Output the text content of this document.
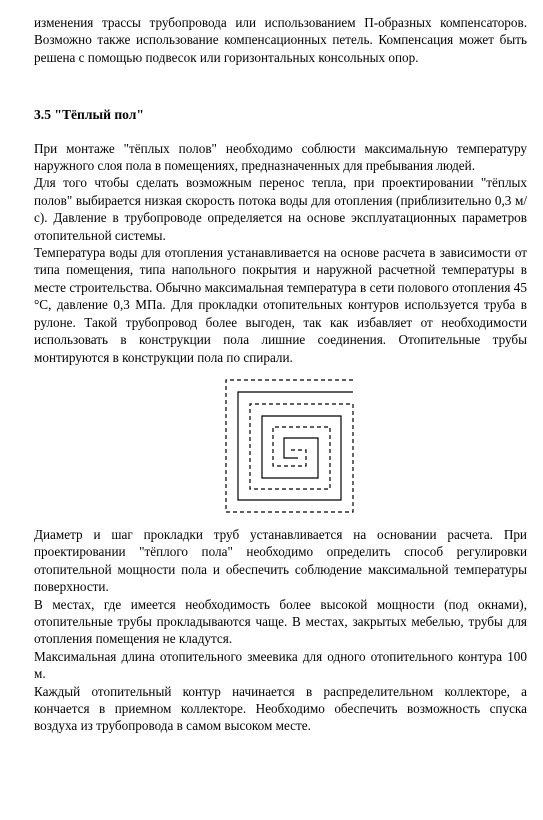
изменения трассы трубопровода или использованием П-образных компенсаторов. Возможно также использование компенсационных петель. Компенсация может быть решена с помощью подвесок или горизонтальных консольных опор.

3.5 "Тёплый пол"

При монтаже "тёплых полов" необходимо соблюсти максимальную температуру наружного слоя пола в помещениях, предназначенных для пребывания людей.

Для того чтобы сделать возможным перенос тепла, при проектировании "тёплых полов" выбирается низкая скорость потока воды для отопления (приблизительно 0,3 м/с). Давление в трубопроводе определяется на основе эксплуатационных параметров отопительной системы.

Температура воды для отопления устанавливается на основе расчета в зависимости от типа помещения, типа напольного покрытия и наружной расчетной температуры в месте строительства. Обычно максимальная температура в сети полового отопления 45 °С, давление 0,3 МПа. Для прокладки отопительных контуров используется труба в рулоне. Такой трубопровод более выгоден, так как избавляет от необходимости использовать в конструкции пола лишние соединения. Отопительные трубы монтируются в конструкции пола по спирали.

Диаметр и шаг прокладки труб устанавливается на основании расчета. При проектировании "тёплого пола" необходимо определить способ регулировки отопительной мощности пола и обеспечить соблюдение максимальной температуры поверхности.

В местах, где имеется необходимость более высокой мощности (под окнами), отопительные трубы прокладываются чаще. В местах, закрытых мебелью, трубы для отопления помещения не кладутся.

Максимальная длина отопительного змеевика для одного отопительного контура 100 м.

Каждый отопительный контур начинается в распределительном коллекторе, а кончается в приемном коллекторе. Необходимо обеспечить возможность спуска воздуха из трубопровода в самом высоком месте.
